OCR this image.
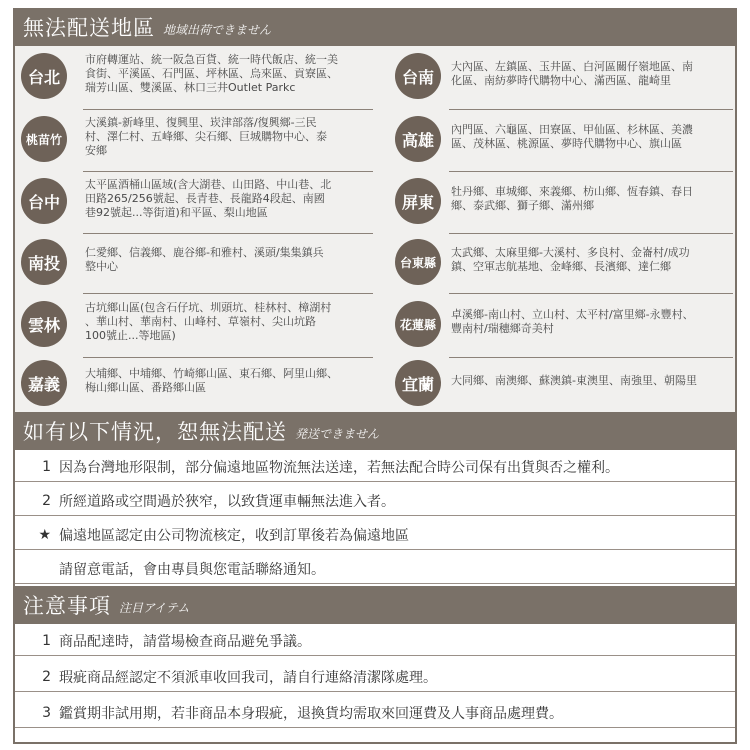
無法配送地區 地域出荷できません
台北
市府轉運站、統一阪急百貨、統一時代飯店、統一美
食街、平溪區、石門區、坪林區、烏來區、貢寮區、
瑞芳山區、雙溪區、林口三井Outlet Parkc
台南
大內區、左鎮區、玉井區、白河區關仔嶺地區、南
化區、南紡夢時代購物中心、滿西區、龍崎里
桃苗竹
大溪鎮-新峰里、復興里、崁津部落/復興鄉-三民
村、澤仁村、五峰鄉、尖石鄉、巨城購物中心、泰
安鄉
高雄
內門區、六龜區、田寮區、甲仙區、杉林區、美濃
區、茂林區、桃源區、夢時代購物中心、旗山區
台中
太平區酒桶山區域(含大湖巷、山田路、中山巷、北
田路265/256號起、長青巷、長龍路4段起、南國
巷92號起...等街道)和平區、梨山地區
屏東
牡丹鄉、車城鄉、來義鄉、枋山鄉、恆春鎮、春日
鄉、泰武鄉、獅子鄉、滿州鄉
南投
仁愛鄉、信義鄉、鹿谷鄉-和雅村、溪頭/集集鎮兵
整中心	台東縣
太武鄉、太麻里鄉-大溪村、多良村、金崙村/成功
鎮、空軍志航基地、金峰鄉、長濱鄉、達仁鄉
雲林
古坑鄉山區(包含石仔坑、圳頭坑、桂林村、樟湖村
、華山村、華南村、山峰村、草嶺村、尖山坑路
100號止...等地區)
花蓮縣
卓溪鄉-南山村、立山村、太平村/富里鄉-永豐村、
豐南村/瑞穗鄉奇美村
嘉義
大埔鄉、中埔鄉、竹崎鄉山區、東石鄉、阿里山鄉、
梅山鄉山區、番路鄉山區	宜蘭	大同鄉、南澳鄉、蘇澳鎮-東澳里、南強里、朝陽里
如有以下情況，恕無法配送 発送できません
1 因為台灣地形限制，部分偏遠地區物流無法送達，若無法配合時公司保有出貨與否之權利。
2 所經道路或空間過於狹窄，以致貨運車輛無法進入者。
★ 偏遠地區認定由公司物流核定，收到訂單後若為偏遠地區
請留意電話，會由專員與您電話聯絡通知。
注意事項 注目アイテム
1 商品配達時，請當場檢查商品避免爭議。
2 瑕疵商品經認定不須派車收回我司，請自行連絡清潔隊處理。
3 鑑賞期非試用期，若非商品本身瑕疵，退換貨均需取來回運費及人事商品處理費。
